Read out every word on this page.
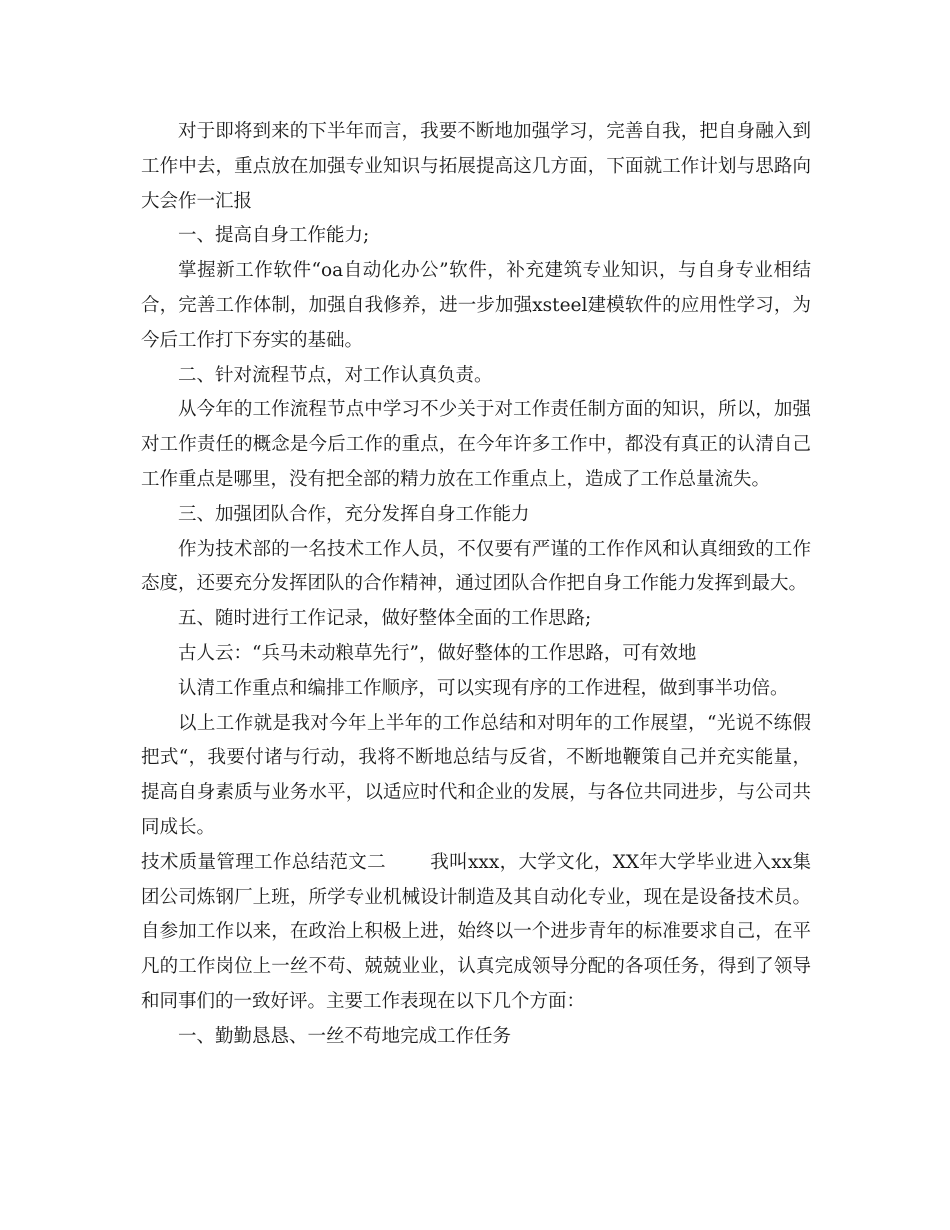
对于即将到来的下半年而言，我要不断地加强学习，完善自我，把自身融入到工作中去，重点放在加强专业知识与拓展提高这几方面，下面就工作计划与思路向大会作一汇报

一、提高自身工作能力;

掌握新工作软件“oa自动化办公”软件，补充建筑专业知识，与自身专业相结合，完善工作体制，加强自我修养，进一步加强xsteel建模软件的应用性学习，为今后工作打下夯实的基础。

二、针对流程节点，对工作认真负责。

从今年的工作流程节点中学习不少关于对工作责任制方面的知识，所以，加强对工作责任的概念是今后工作的重点，在今年许多工作中，都没有真正的认清自己工作重点是哪里，没有把全部的精力放在工作重点上，造成了工作总量流失。

三、加强团队合作，充分发挥自身工作能力

作为技术部的一名技术工作人员，不仅要有严谨的工作作风和认真细致的工作态度，还要充分发挥团队的合作精神，通过团队合作把自身工作能力发挥到最大。

五、随时进行工作记录，做好整体全面的工作思路;

古人云：“兵马未动粮草先行”，做好整体的工作思路，可有效地

认清工作重点和编排工作顺序，可以实现有序的工作进程，做到事半功倍。

以上工作就是我对今年上半年的工作总结和对明年的工作展望，“光说不练假把式“，我要付诸与行动，我将不断地总结与反省，不断地鞭策自己并充实能量，提高自身素质与业务水平，以适应时代和企业的发展，与各位共同进步，与公司共同成长。

技术质量管理工作总结范文二 我叫xxx，大学文化，XX年大学毕业进入xx集团公司炼钢厂上班，所学专业机械设计制造及其自动化专业，现在是设备技术员。自参加工作以来，在政治上积极上进，始终以一个进步青年的标准要求自己，在平凡的工作岗位上一丝不苟、兢兢业业，认真完成领导分配的各项任务，得到了领导和同事们的一致好评。主要工作表现在以下几个方面：

一、勤勤恳恳、一丝不苟地完成工作任务
